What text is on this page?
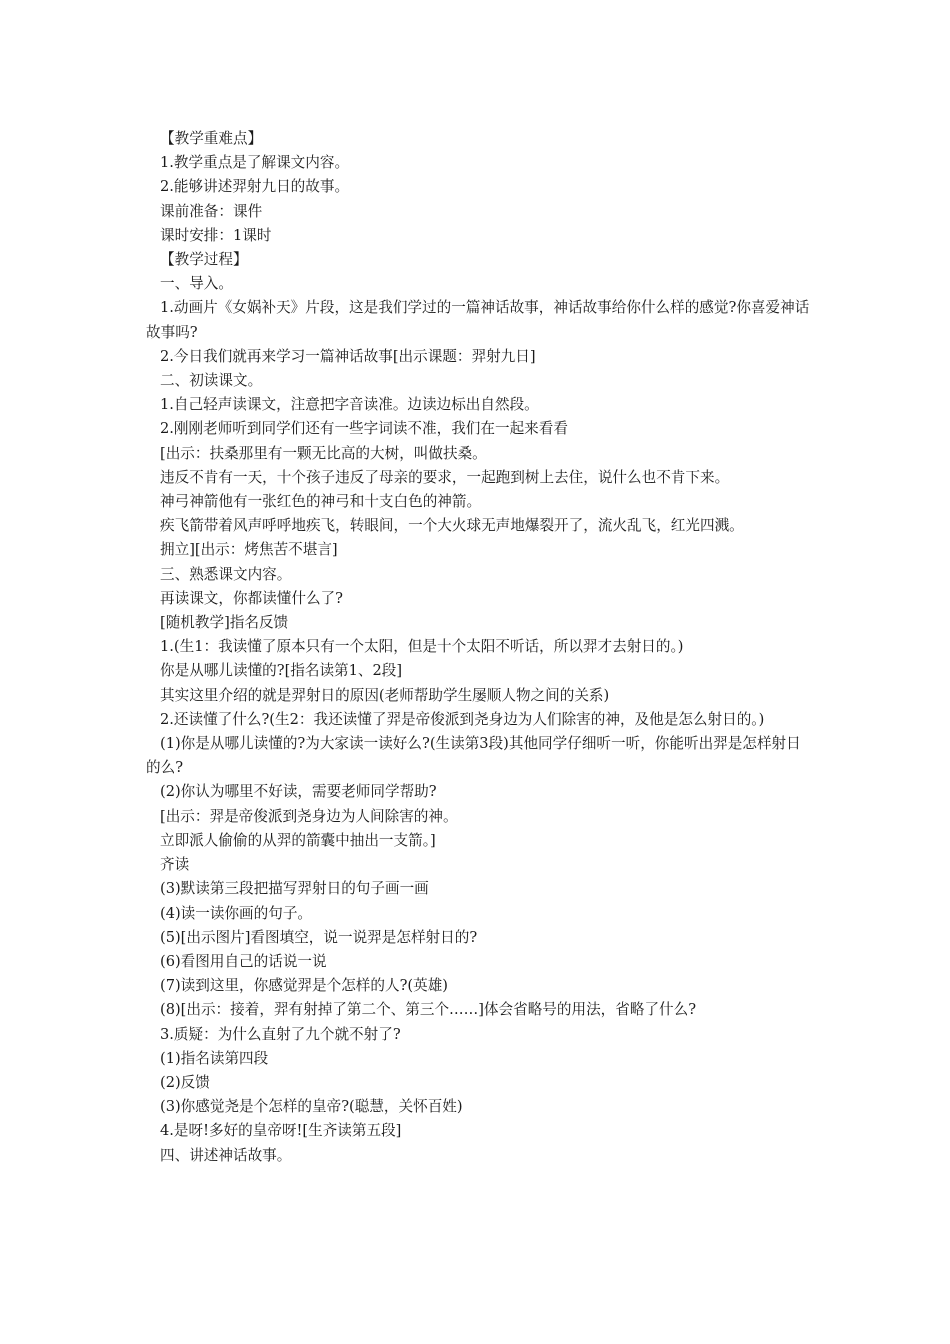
【教学重难点】
1.教学重点是了解课文内容。
2.能够讲述羿射九日的故事。
课前准备：课件
课时安排：1课时
【教学过程】
一、导入。
1.动画片《女娲补天》片段，这是我们学过的一篇神话故事，神话故事给你什么样的感觉?你喜爱神话故事吗?
2.今日我们就再来学习一篇神话故事[出示课题：羿射九日]
二、初读课文。
1.自己轻声读课文，注意把字音读准。边读边标出自然段。
2.刚刚老师听到同学们还有一些字词读不准，我们在一起来看看
[出示：扶桑那里有一颗无比高的大树，叫做扶桑。
违反不肯有一天，十个孩子违反了母亲的要求，一起跑到树上去住，说什么也不肯下来。
神弓神箭他有一张红色的神弓和十支白色的神箭。
疾飞箭带着风声呼呼地疾飞，转眼间，一个大火球无声地爆裂开了，流火乱飞，红光四溅。
拥立][出示：烤焦苦不堪言]
三、熟悉课文内容。
再读课文，你都读懂什么了?
[随机教学]指名反馈
1.(生1：我读懂了原本只有一个太阳，但是十个太阳不听话，所以羿才去射日的。)
你是从哪儿读懂的?[指名读第1、2段]
其实这里介绍的就是羿射日的原因(老师帮助学生屡顺人物之间的关系)
2.还读懂了什么?(生2：我还读懂了羿是帝俊派到尧身边为人们除害的神，及他是怎么射日的。)
(1)你是从哪儿读懂的?为大家读一读好么?(生读第3段)其他同学仔细听一听，你能听出羿是怎样射日的么?
(2)你认为哪里不好读，需要老师同学帮助?
[出示：羿是帝俊派到尧身边为人间除害的神。
立即派人偷偷的从羿的箭囊中抽出一支箭。]
齐读
(3)默读第三段把描写羿射日的句子画一画
(4)读一读你画的句子。
(5)[出示图片]看图填空，说一说羿是怎样射日的?
(6)看图用自己的话说一说
(7)读到这里，你感觉羿是个怎样的人?(英雄)
(8)[出示：接着，羿有射掉了第二个、第三个……]体会省略号的用法，省略了什么?
3.质疑：为什么直射了九个就不射了?
(1)指名读第四段
(2)反馈
(3)你感觉尧是个怎样的皇帝?(聪慧，关怀百姓)
4.是呀!多好的皇帝呀![生齐读第五段]
四、讲述神话故事。
